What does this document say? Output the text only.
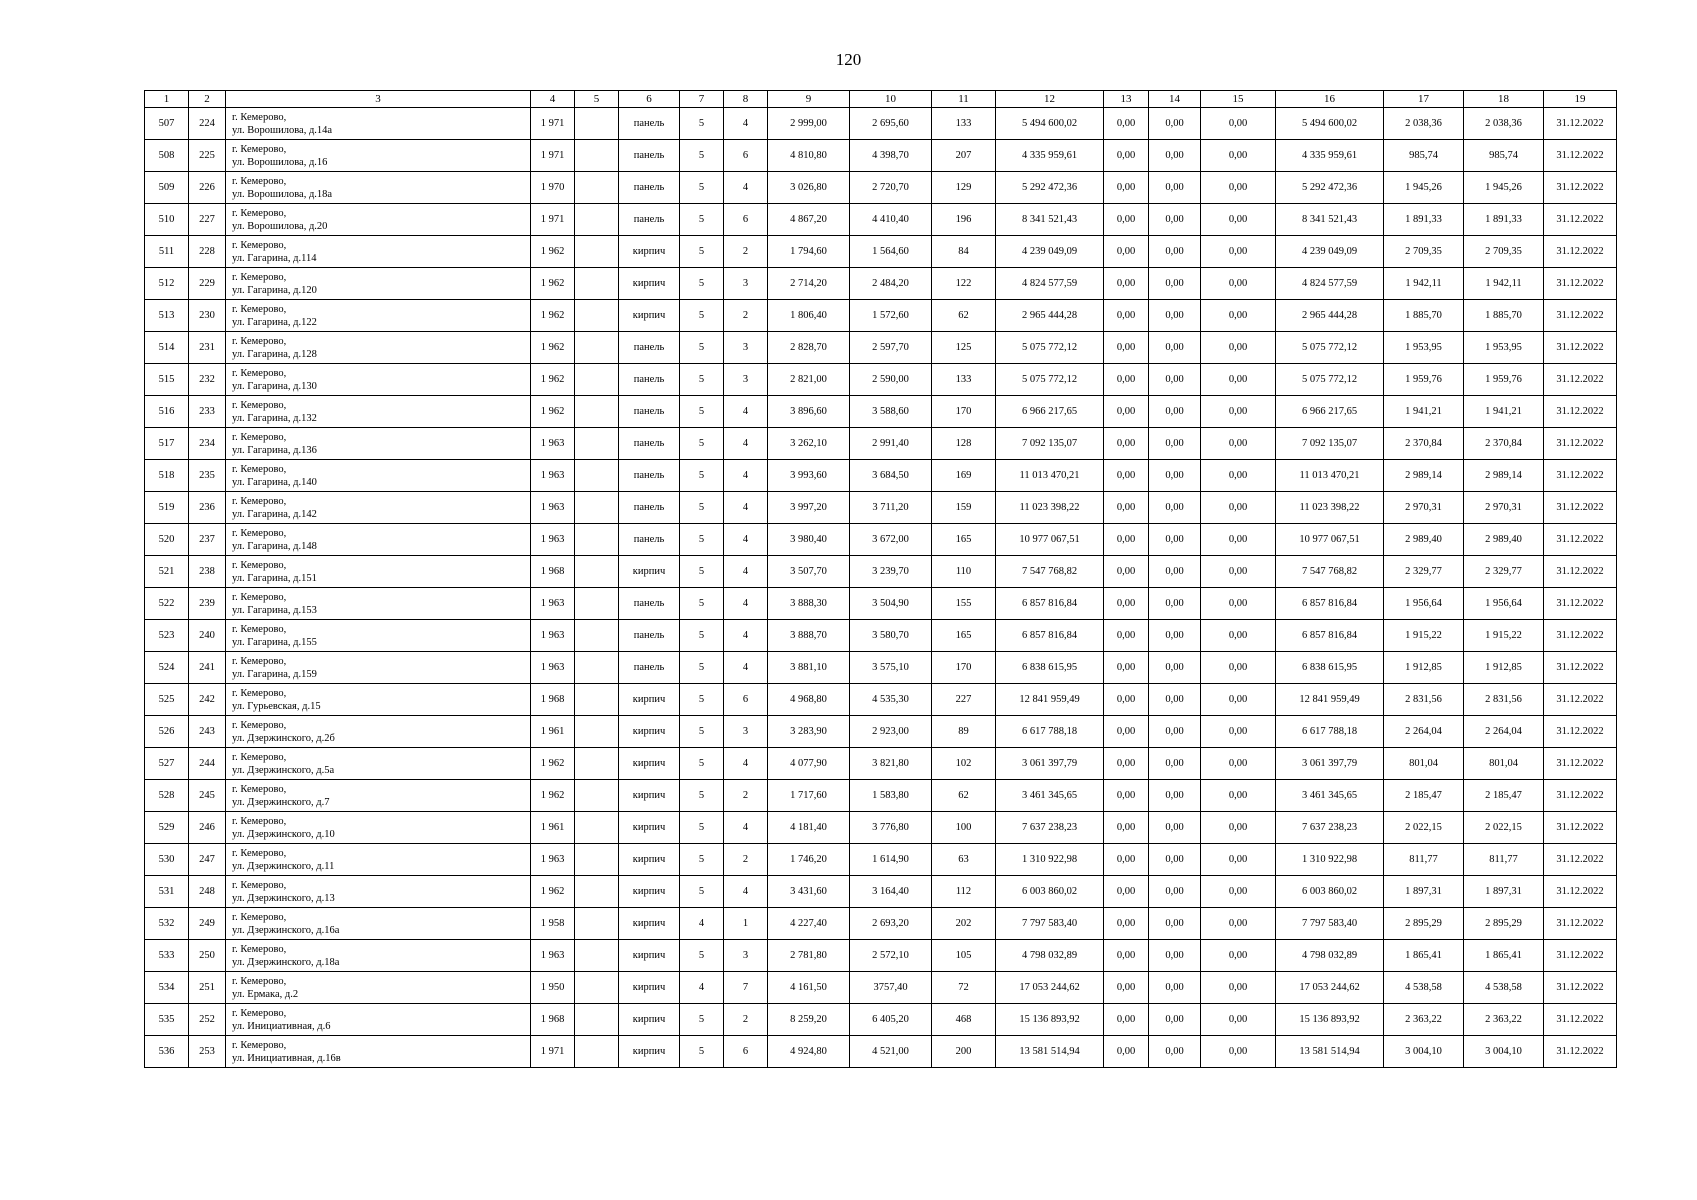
120
1	2	3	4	5	6	7	8	9	10	11	12	13	14	15	16	17	18	19
507	224	г. Кемерово,
ул. Ворошилова, д.14а	1 971		панель	5	4	2 999,00	2 695,60	133	5 494 600,02	0,00	0,00	0,00	5 494 600,02	2 038,36	2 038,36	31.12.2022
508	225	г. Кемерово,
ул. Ворошилова, д.16	1 971		панель	5	6	4 810,80	4 398,70	207	4 335 959,61	0,00	0,00	0,00	4 335 959,61	985,74	985,74	31.12.2022
509	226	г. Кемерово,
ул. Ворошилова, д.18а	1 970		панель	5	4	3 026,80	2 720,70	129	5 292 472,36	0,00	0,00	0,00	5 292 472,36	1 945,26	1 945,26	31.12.2022
510	227	г. Кемерово,
ул. Ворошилова, д.20	1 971		панель	5	6	4 867,20	4 410,40	196	8 341 521,43	0,00	0,00	0,00	8 341 521,43	1 891,33	1 891,33	31.12.2022
511	228	г. Кемерово,
ул. Гагарина, д.114	1 962		кирпич	5	2	1 794,60	1 564,60	84	4 239 049,09	0,00	0,00	0,00	4 239 049,09	2 709,35	2 709,35	31.12.2022
512	229	г. Кемерово,
ул. Гагарина, д.120	1 962		кирпич	5	3	2 714,20	2 484,20	122	4 824 577,59	0,00	0,00	0,00	4 824 577,59	1 942,11	1 942,11	31.12.2022
513	230	г. Кемерово,
ул. Гагарина, д.122	1 962		кирпич	5	2	1 806,40	1 572,60	62	2 965 444,28	0,00	0,00	0,00	2 965 444,28	1 885,70	1 885,70	31.12.2022
514	231	г. Кемерово,
ул. Гагарина, д.128	1 962		панель	5	3	2 828,70	2 597,70	125	5 075 772,12	0,00	0,00	0,00	5 075 772,12	1 953,95	1 953,95	31.12.2022
515	232	г. Кемерово,
ул. Гагарина, д.130	1 962		панель	5	3	2 821,00	2 590,00	133	5 075 772,12	0,00	0,00	0,00	5 075 772,12	1 959,76	1 959,76	31.12.2022
516	233	г. Кемерово,
ул. Гагарина, д.132	1 962		панель	5	4	3 896,60	3 588,60	170	6 966 217,65	0,00	0,00	0,00	6 966 217,65	1 941,21	1 941,21	31.12.2022
517	234	г. Кемерово,
ул. Гагарина, д.136	1 963		панель	5	4	3 262,10	2 991,40	128	7 092 135,07	0,00	0,00	0,00	7 092 135,07	2 370,84	2 370,84	31.12.2022
518	235	г. Кемерово,
ул. Гагарина, д.140	1 963		панель	5	4	3 993,60	3 684,50	169	11 013 470,21	0,00	0,00	0,00	11 013 470,21	2 989,14	2 989,14	31.12.2022
519	236	г. Кемерово,
ул. Гагарина, д.142	1 963		панель	5	4	3 997,20	3 711,20	159	11 023 398,22	0,00	0,00	0,00	11 023 398,22	2 970,31	2 970,31	31.12.2022
520	237	г. Кемерово,
ул. Гагарина, д.148	1 963		панель	5	4	3 980,40	3 672,00	165	10 977 067,51	0,00	0,00	0,00	10 977 067,51	2 989,40	2 989,40	31.12.2022
521	238	г. Кемерово,
ул. Гагарина, д.151	1 968		кирпич	5	4	3 507,70	3 239,70	110	7 547 768,82	0,00	0,00	0,00	7 547 768,82	2 329,77	2 329,77	31.12.2022
522	239	г. Кемерово,
ул. Гагарина, д.153	1 963		панель	5	4	3 888,30	3 504,90	155	6 857 816,84	0,00	0,00	0,00	6 857 816,84	1 956,64	1 956,64	31.12.2022
523	240	г. Кемерово,
ул. Гагарина, д.155	1 963		панель	5	4	3 888,70	3 580,70	165	6 857 816,84	0,00	0,00	0,00	6 857 816,84	1 915,22	1 915,22	31.12.2022
524	241	г. Кемерово,
ул. Гагарина, д.159	1 963		панель	5	4	3 881,10	3 575,10	170	6 838 615,95	0,00	0,00	0,00	6 838 615,95	1 912,85	1 912,85	31.12.2022
525	242	г. Кемерово,
ул. Гурьевская, д.15	1 968		кирпич	5	6	4 968,80	4 535,30	227	12 841 959,49	0,00	0,00	0,00	12 841 959,49	2 831,56	2 831,56	31.12.2022
526	243	г. Кемерово,
ул. Дзержинского, д.2б	1 961		кирпич	5	3	3 283,90	2 923,00	89	6 617 788,18	0,00	0,00	0,00	6 617 788,18	2 264,04	2 264,04	31.12.2022
527	244	г. Кемерово,
ул. Дзержинского, д.5а	1 962		кирпич	5	4	4 077,90	3 821,80	102	3 061 397,79	0,00	0,00	0,00	3 061 397,79	801,04	801,04	31.12.2022
528	245	г. Кемерово,
ул. Дзержинского, д.7	1 962		кирпич	5	2	1 717,60	1 583,80	62	3 461 345,65	0,00	0,00	0,00	3 461 345,65	2 185,47	2 185,47	31.12.2022
529	246	г. Кемерово,
ул. Дзержинского, д.10	1 961		кирпич	5	4	4 181,40	3 776,80	100	7 637 238,23	0,00	0,00	0,00	7 637 238,23	2 022,15	2 022,15	31.12.2022
530	247	г. Кемерово,
ул. Дзержинского, д.11	1 963		кирпич	5	2	1 746,20	1 614,90	63	1 310 922,98	0,00	0,00	0,00	1 310 922,98	811,77	811,77	31.12.2022
531	248	г. Кемерово,
ул. Дзержинского, д.13	1 962		кирпич	5	4	3 431,60	3 164,40	112	6 003 860,02	0,00	0,00	0,00	6 003 860,02	1 897,31	1 897,31	31.12.2022
532	249	г. Кемерово,
ул. Дзержинского, д.16а	1 958		кирпич	4	1	4 227,40	2 693,20	202	7 797 583,40	0,00	0,00	0,00	7 797 583,40	2 895,29	2 895,29	31.12.2022
533	250	г. Кемерово,
ул. Дзержинского, д.18а	1 963		кирпич	5	3	2 781,80	2 572,10	105	4 798 032,89	0,00	0,00	0,00	4 798 032,89	1 865,41	1 865,41	31.12.2022
534	251	г. Кемерово,
ул. Ермака, д.2	1 950		кирпич	4	7	4 161,50	3757,40	72	17 053 244,62	0,00	0,00	0,00	17 053 244,62	4 538,58	4 538,58	31.12.2022
535	252	г. Кемерово,
ул. Инициативная, д.6	1 968		кирпич	5	2	8 259,20	6 405,20	468	15 136 893,92	0,00	0,00	0,00	15 136 893,92	2 363,22	2 363,22	31.12.2022
536	253	г. Кемерово,
ул. Инициативная, д.16в	1 971		кирпич	5	6	4 924,80	4 521,00	200	13 581 514,94	0,00	0,00	0,00	13 581 514,94	3 004,10	3 004,10	31.12.2022
